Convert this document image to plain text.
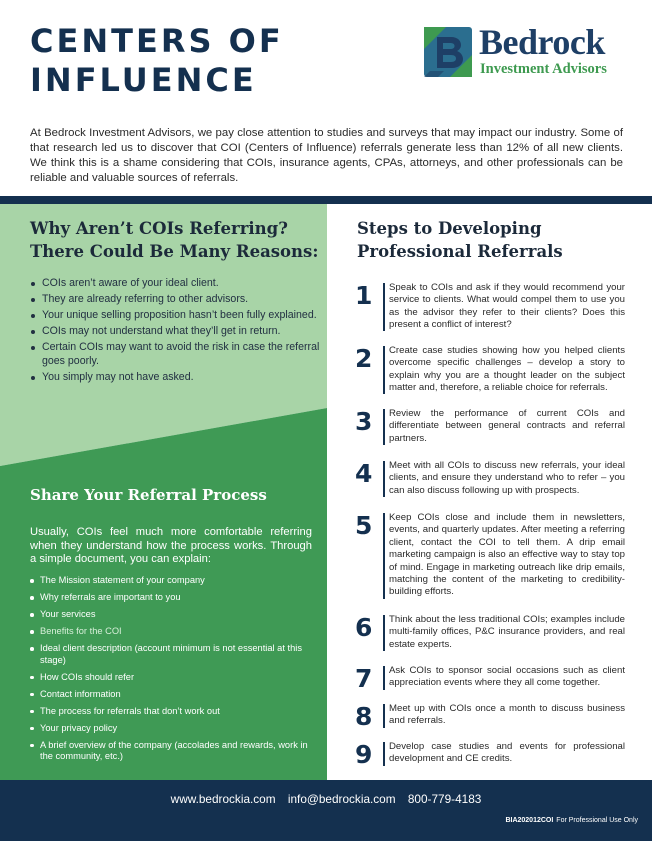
CENTERS OF
INFLUENCE
Bedrock
Investment Advisors

At Bedrock Investment Advisors, we pay close attention to studies and surveys that may impact our industry. Some of that research led us to discover that COI (Centers of Influence) referrals generate less than 12% of all new clients. We think this is a shame considering that COIs, insurance agents, CPAs, attorneys, and other professionals can be reliable and valuable sources of referrals.

Why Aren’t COIs Referring? There Could Be Many Reasons:
COIs aren’t aware of your ideal client.
They are already referring to other advisors.
Your unique selling proposition hasn’t been fully explained.
COIs may not understand what they’ll get in return.
Certain COIs may want to avoid the risk in case the referral goes poorly.
You simply may not have asked.
Share Your Referral Process

Usually, COIs feel much more comfortable referring when they understand how the process works. Through a simple document, you can explain:

The Mission statement of your company
Why referrals are important to you
Your services
Benefits for the COI
Ideal client description (account minimum is not essential at this stage)
How COIs should refer
Contact information
The process for referrals that don’t work out
Your privacy policy
A brief overview of the company (accolades and rewards, work in the community, etc.)
Steps to Developing Professional Referrals
1	Speak to COIs and ask if they would recommend your service to clients. What would compel them to use you as the advisor they refer to their clients? Does this present a conflict of interest?
2	Create case studies showing how you helped clients overcome specific challenges – develop a story to explain why you are a thought leader on the subject matter and, therefore, a reliable choice for referrals.
3	Review the performance of current COIs and differentiate between general contracts and referral partners.
4	Meet with all COIs to discuss new referrals, your ideal clients, and ensure they understand who to refer – you can also discuss following up with prospects.
5	Keep COIs close and include them in newsletters, events, and quarterly updates. After meeting a referring client, contact the COI to tell them. A drip email marketing campaign is also an effective way to stay top of mind. Engage in marketing outreach like drip emails, matching the content of the marketing to credibility-building efforts.
6	Think about the less traditional COIs; examples include multi-family offices, P&C insurance providers, and real estate experts.
7	Ask COIs to sponsor social occasions such as client appreciation events where they all come together.
8	Meet up with COIs once a month to discuss business and referrals.
9	Develop case studies and events for professional development and CE credits.
www.bedrockia.com info@bedrockia.com 800-779-4183
BIA202012COI For Professional Use Only
